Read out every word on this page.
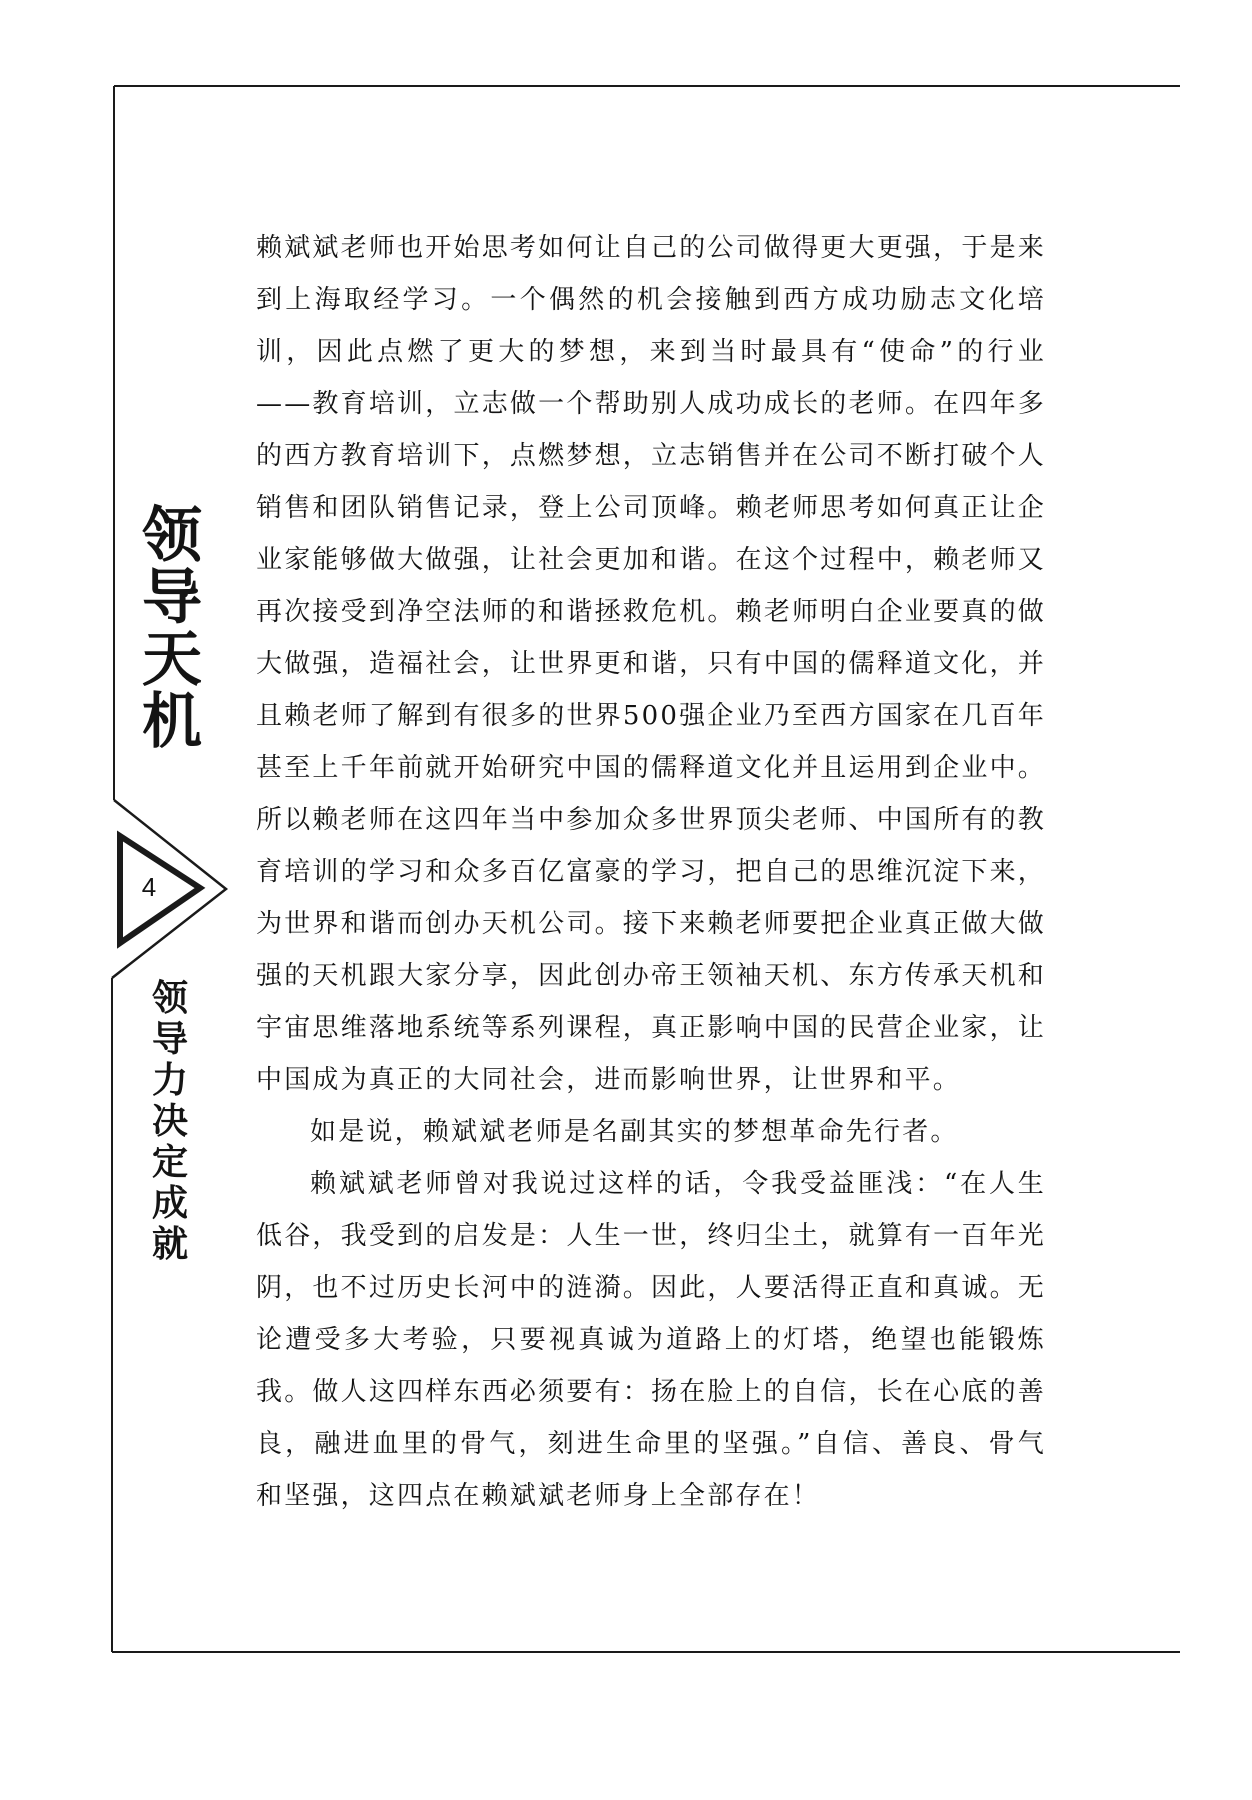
领导天机
4
领导力决定成就

赖斌斌老师也开始思考如何让自己的公司做得更大更强，于是来到上海取经学习。一个偶然的机会接触到西方成功励志文化培训，因此点燃了更大的梦想，来到当时最具有“使命”的行业——教育培训，立志做一个帮助别人成功成长的老师。在四年多的西方教育培训下，点燃梦想，立志销售并在公司不断打破个人销售和团队销售记录，登上公司顶峰。赖老师思考如何真正让企业家能够做大做强，让社会更加和谐。在这个过程中，赖老师又再次接受到净空法师的和谐拯救危机。赖老师明白企业要真的做大做强，造福社会，让世界更和谐，只有中国的儒释道文化，并且赖老师了解到有很多的世界500强企业乃至西方国家在几百年甚至上千年前就开始研究中国的儒释道文化并且运用到企业中。所以赖老师在这四年当中参加众多世界顶尖老师、中国所有的教育培训的学习和众多百亿富豪的学习，把自己的思维沉淀下来，为世界和谐而创办天机公司。接下来赖老师要把企业真正做大做强的天机跟大家分享，因此创办帝王领袖天机、东方传承天机和宇宙思维落地系统等系列课程，真正影响中国的民营企业家，让中国成为真正的大同社会，进而影响世界，让世界和平。

如是说，赖斌斌老师是名副其实的梦想革命先行者。

赖斌斌老师曾对我说过这样的话，令我受益匪浅：“在人生低谷，我受到的启发是：人生一世，终归尘土，就算有一百年光阴，也不过历史长河中的涟漪。因此，人要活得正直和真诚。无论遭受多大考验，只要视真诚为道路上的灯塔，绝望也能锻炼我。做人这四样东西必须要有：扬在脸上的自信，长在心底的善良，融进血里的骨气，刻进生命里的坚强。”自信、善良、骨气和坚强，这四点在赖斌斌老师身上全部存在！
